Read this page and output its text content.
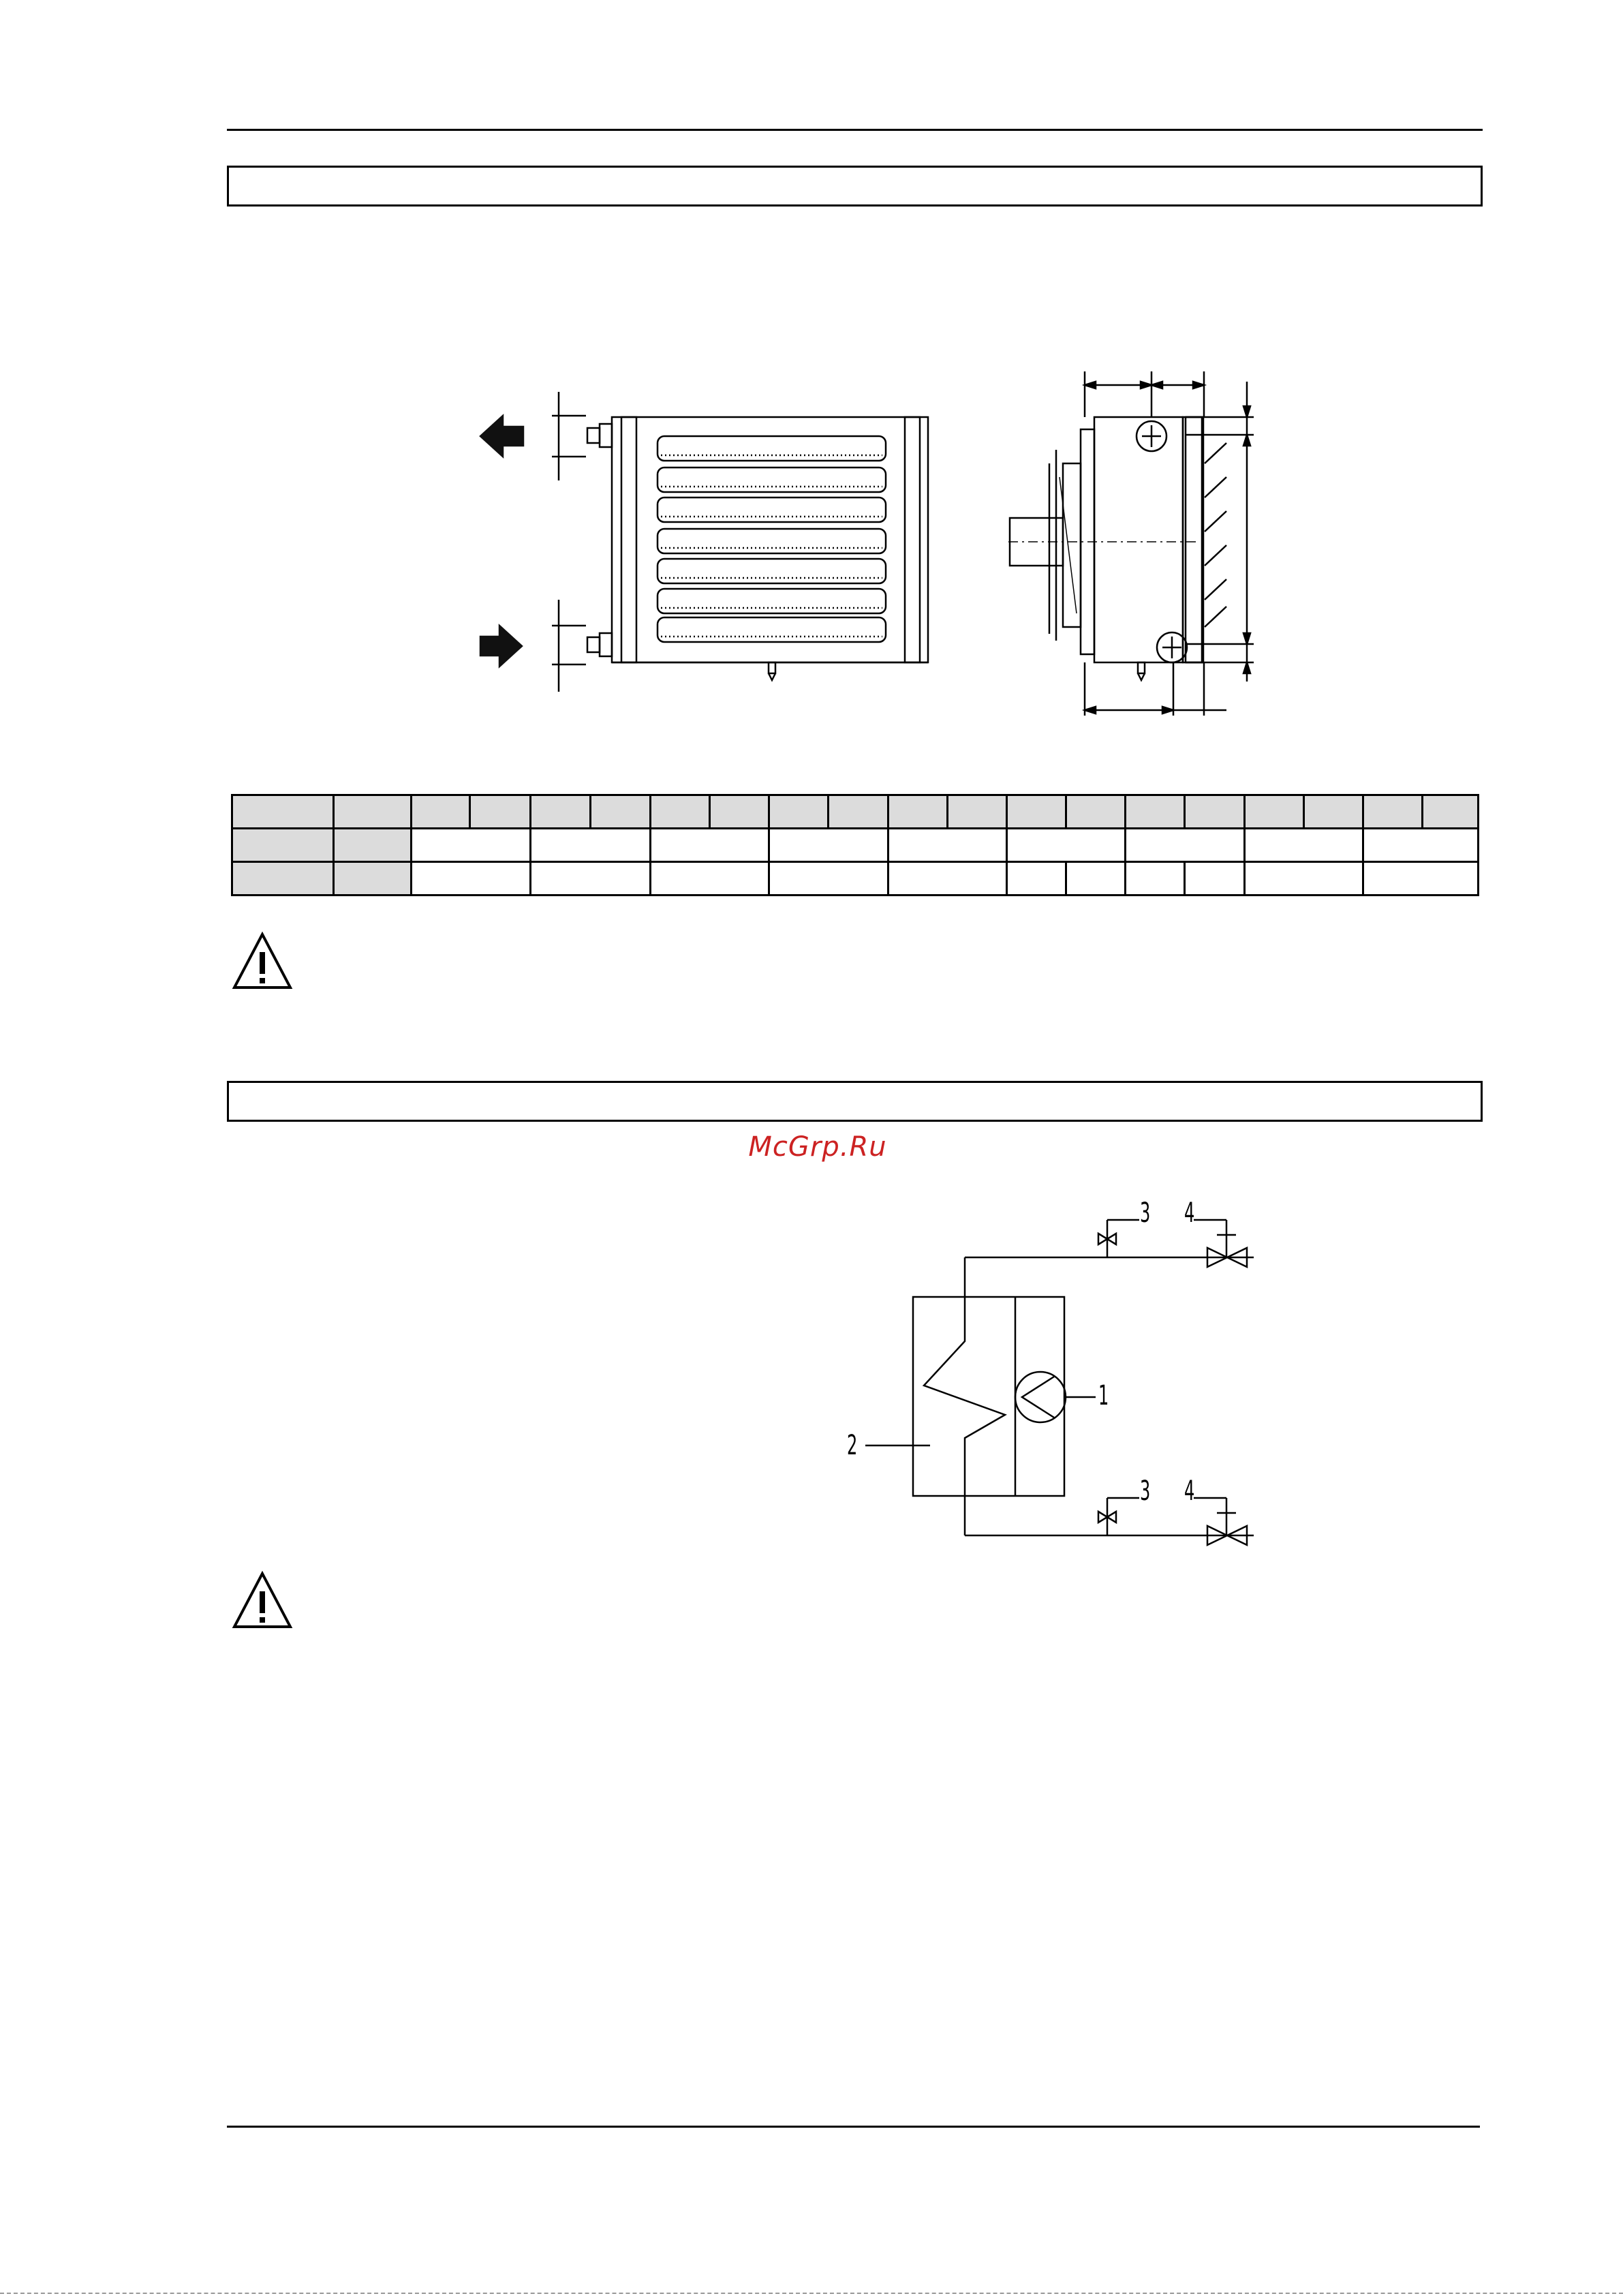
McGrp.Ru
1
2
3 4
3 4
